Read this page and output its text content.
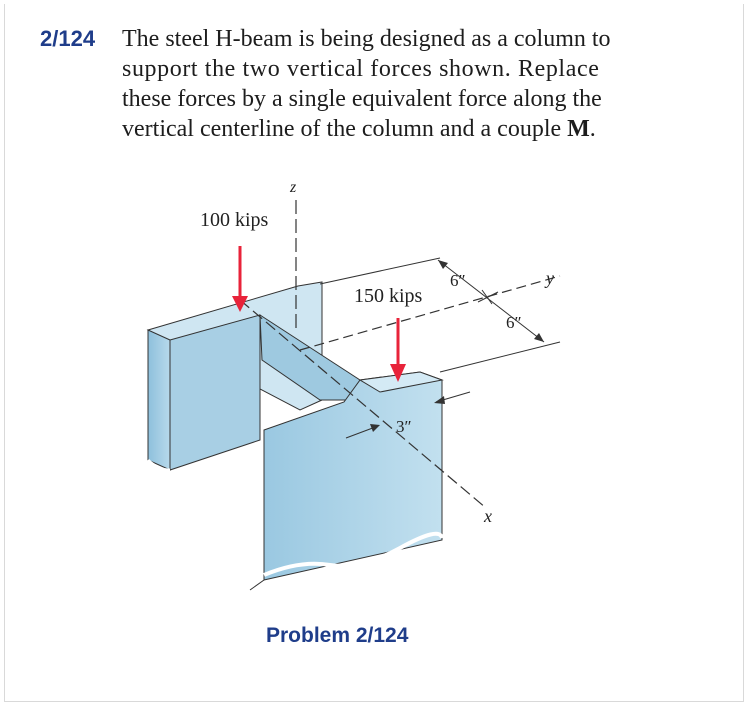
2/124 The steel H-beam is being designed as a column to
support the two vertical forces shown. Replace
these forces by a single equivalent force along the
vertical centerline of the column and a couple M.
z
y
x
6″
6″
3″
100 kips
150 kips
Problem 2/124
